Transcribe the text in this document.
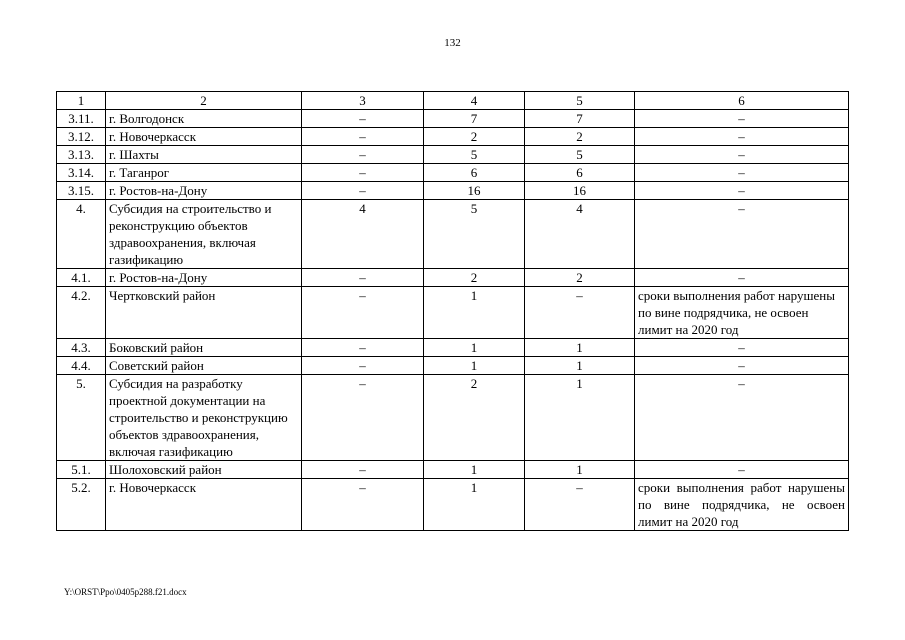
132
1	2	3	4	5	6
3.11.	г. Волгодонск	–	7	7	–
3.12.	г. Новочеркасск	–	2	2	–
3.13.	г. Шахты	–	5	5	–
3.14.	г. Таганрог	–	6	6	–
3.15.	г. Ростов-на-Дону	–	16	16	–
4.	Субсидия на строительство и реконструкцию объектов здравоохранения, включая газификацию	4	5	4	–
4.1.	г. Ростов-на-Дону	–	2	2	–
4.2.	Чертковский район	–	1	–	сроки выполнения работ нарушены по вине подрядчика, не освоен лимит на 2020 год
4.3.	Боковский район	–	1	1	–
4.4.	Советский район	–	1	1	–
5.	Субсидия на разработку проектной документации на строительство и реконструкцию объектов здравоохранения, включая газификацию	–	2	1	–
5.1.	Шолоховский район	–	1	1	–
5.2.	г. Новочеркасск	–	1	–	сроки выполнения работ нарушены по вине подрядчика, не освоен лимит на 2020 год
Y:\ORST\Ppo\0405p288.f21.docx
